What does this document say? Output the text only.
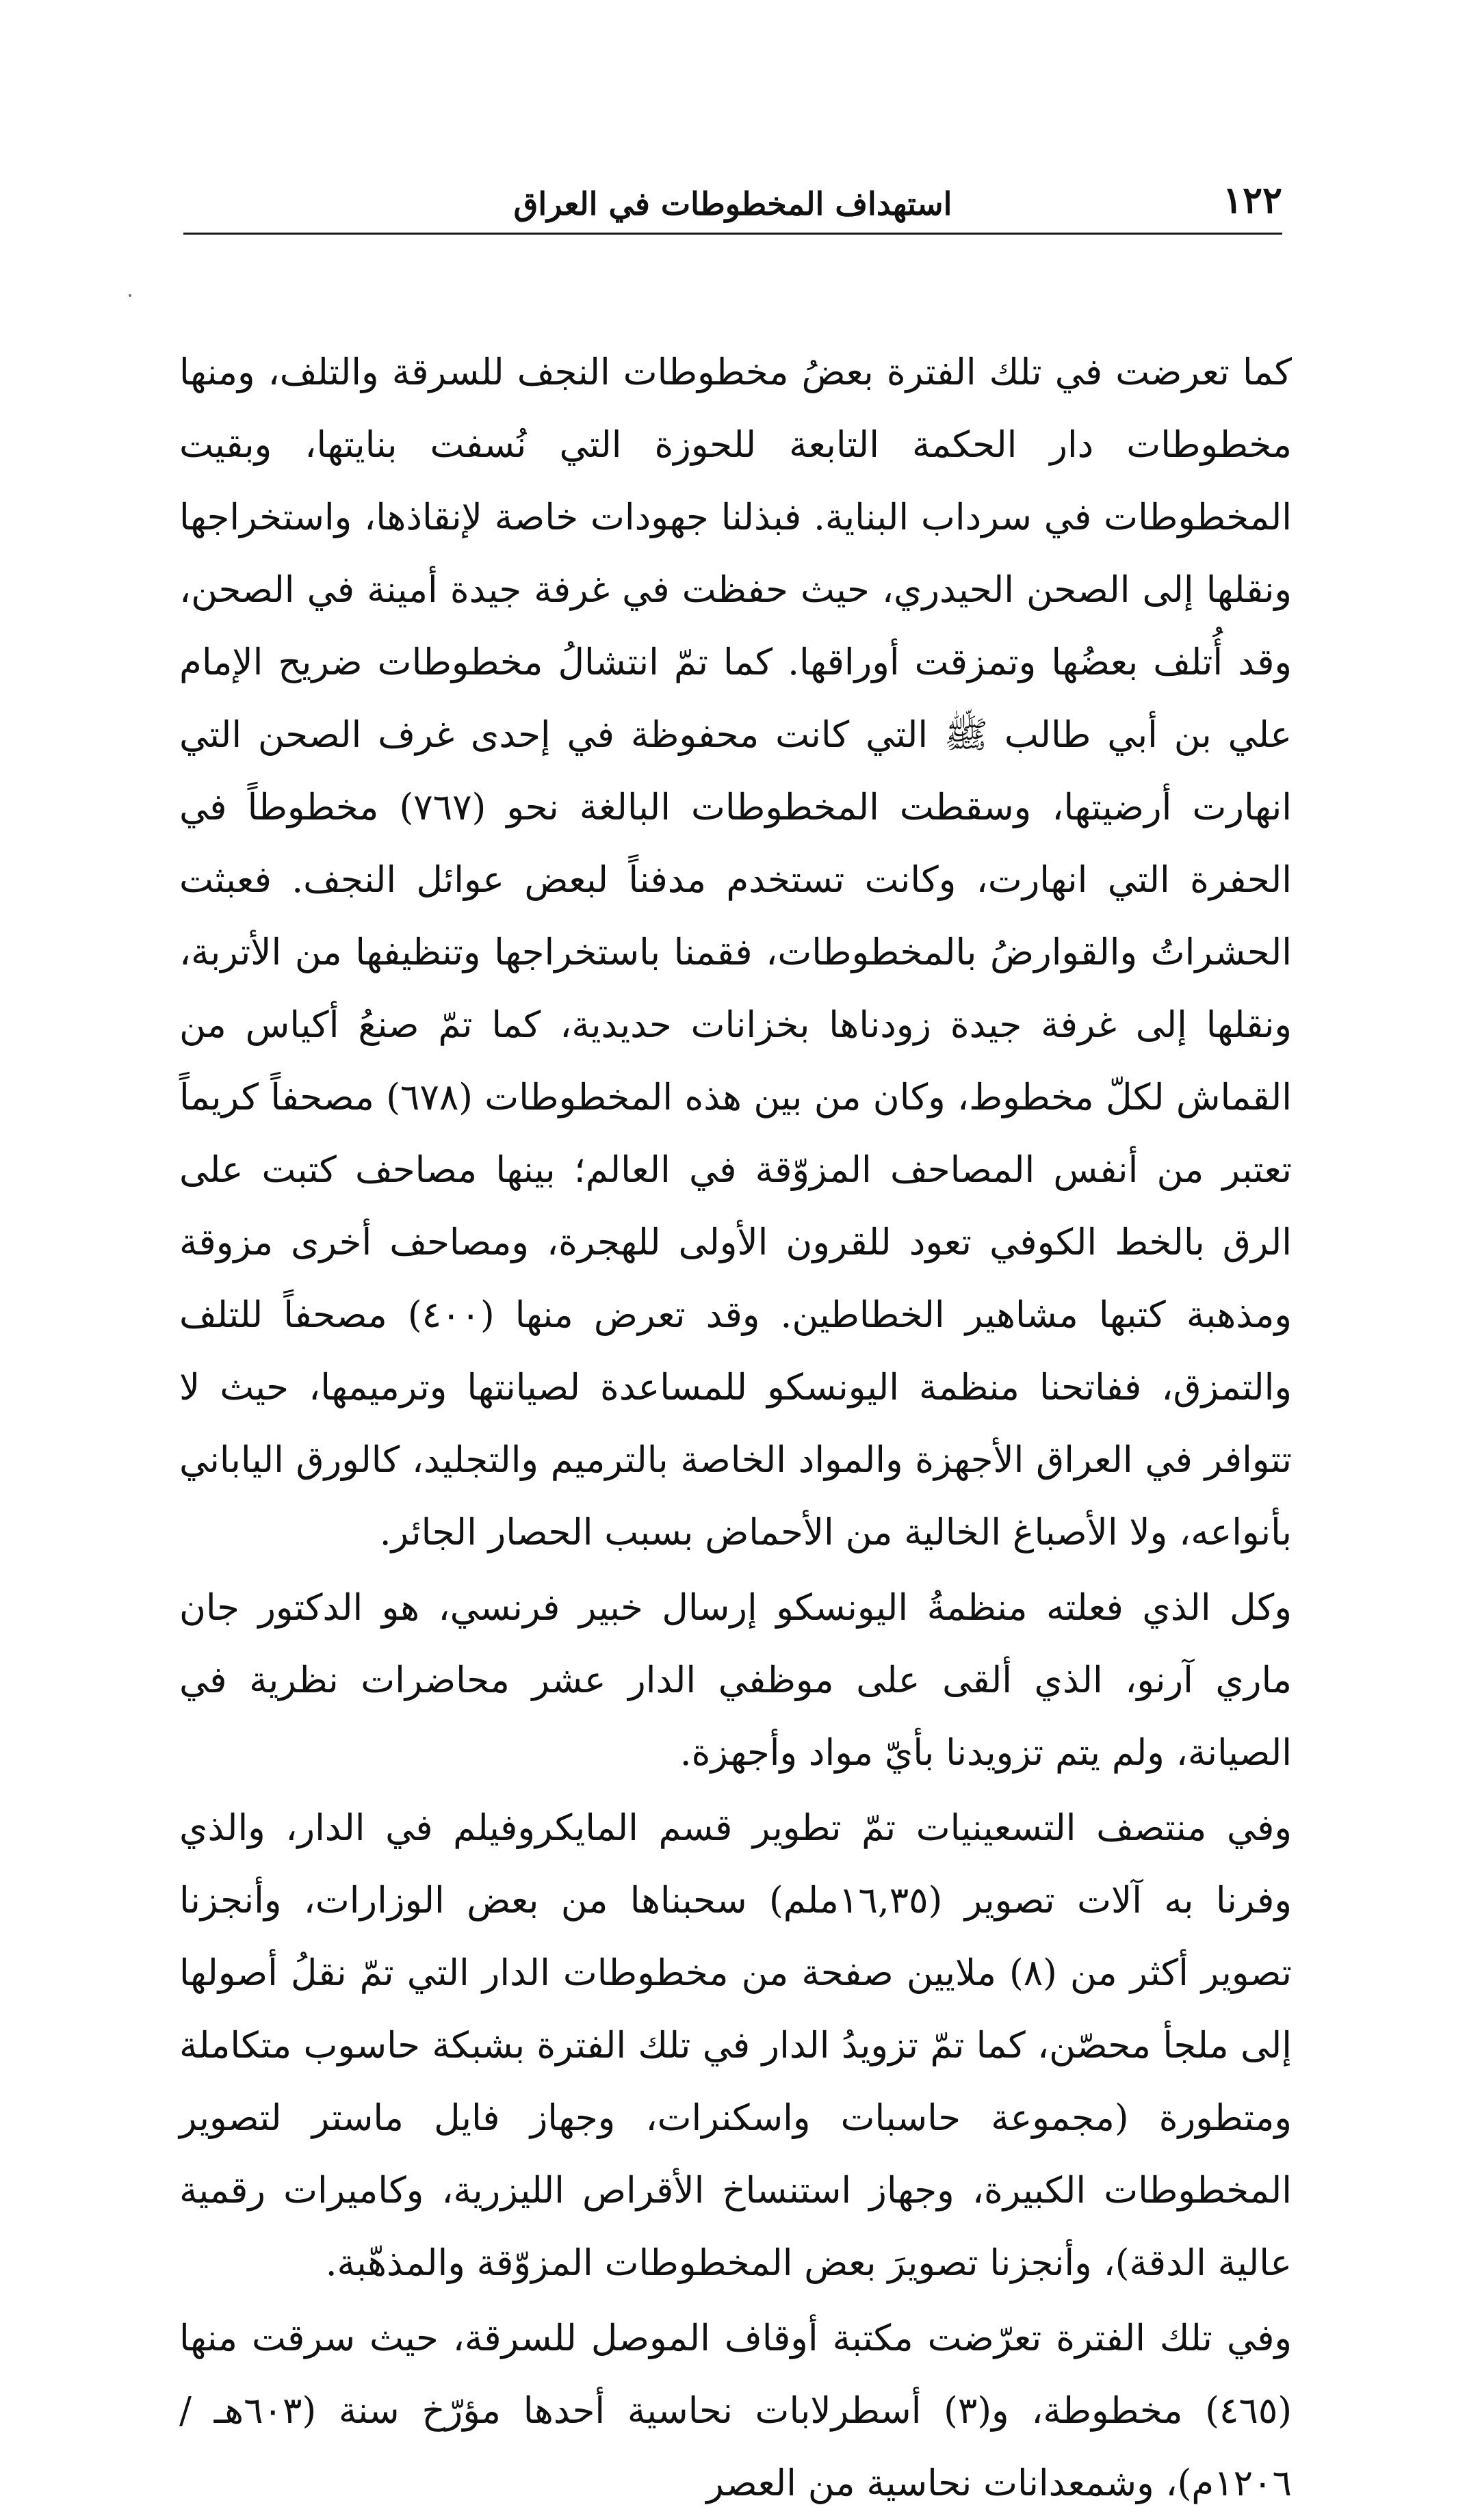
١٢٢
استهداف المخطوطات في العراق

كما تعرضت في تلك الفترة بعضُ مخطوطات النجف للسرقة والتلف، ومنها مخطوطات دار الحكمة التابعة للحوزة التي نُسفت بنايتها، وبقيت المخطوطات في سرداب البناية. فبذلنا جهودات خاصة لإنقاذها، واستخراجها ونقلها إلى الصحن الحيدري، حيث حفظت في غرفة جيدة أمينة في الصحن، وقد أُتلف بعضُها وتمزقت أوراقها. كما تمّ انتشالُ مخطوطات ضريح الإمام علي بن أبي طالب ﷺ التي كانت محفوظة في إحدى غرف الصحن التي انهارت أرضيتها، وسقطت المخطوطات البالغة نحو (٧٦٧) مخطوطاً في الحفرة التي انهارت، وكانت تستخدم مدفناً لبعض عوائل النجف. فعبثت الحشراتُ والقوارضُ بالمخطوطات، فقمنا باستخراجها وتنظيفها من الأتربة، ونقلها إلى غرفة جيدة زودناها بخزانات حديدية، كما تمّ صنعُ أكياس من القماش لكلّ مخطوط، وكان من بين هذه المخطوطات (٦٧٨) مصحفاً كريماً تعتبر من أنفس المصاحف المزوّقة في العالم؛ بينها مصاحف كتبت على الرق بالخط الكوفي تعود للقرون الأولى للهجرة، ومصاحف أخرى مزوقة ومذهبة كتبها مشاهير الخطاطين. وقد تعرض منها (٤٠٠) مصحفاً للتلف والتمزق، ففاتحنا منظمة اليونسكو للمساعدة لصيانتها وترميمها، حيث لا تتوافر في العراق الأجهزة والمواد الخاصة بالترميم والتجليد، كالورق الياباني بأنواعه، ولا الأصباغ الخالية من الأحماض بسبب الحصار الجائر.

وكل الذي فعلته منظمةُ اليونسكو إرسال خبير فرنسي، هو الدكتور جان ماري آرنو، الذي ألقى على موظفي الدار عشر محاضرات نظرية في الصيانة، ولم يتم تزويدنا بأيّ مواد وأجهزة.

وفي منتصف التسعينيات تمّ تطوير قسم المايكروفيلم في الدار، والذي وفرنا به آلات تصوير (١٦,٣٥ملم) سحبناها من بعض الوزارات، وأنجزنا تصوير أكثر من (٨) ملايين صفحة من مخطوطات الدار التي تمّ نقلُ أصولها إلى ملجأ محصّن، كما تمّ تزويدُ الدار في تلك الفترة بشبكة حاسوب متكاملة ومتطورة (مجموعة حاسبات واسكنرات، وجهاز فايل ماستر لتصوير المخطوطات الكبيرة، وجهاز استنساخ الأقراص الليزرية، وكاميرات رقمية عالية الدقة)، وأنجزنا تصويرَ بعض المخطوطات المزوّقة والمذهّبة.

وفي تلك الفترة تعرّضت مكتبة أوقاف الموصل للسرقة، حيث سرقت منها (٤٦٥) مخطوطة، و(٣) أسطرلابات نحاسية أحدها مؤرّخ سنة (٦٠٣هـ /١٢٠٦م)، وشمعدانات نحاسية من العصر
